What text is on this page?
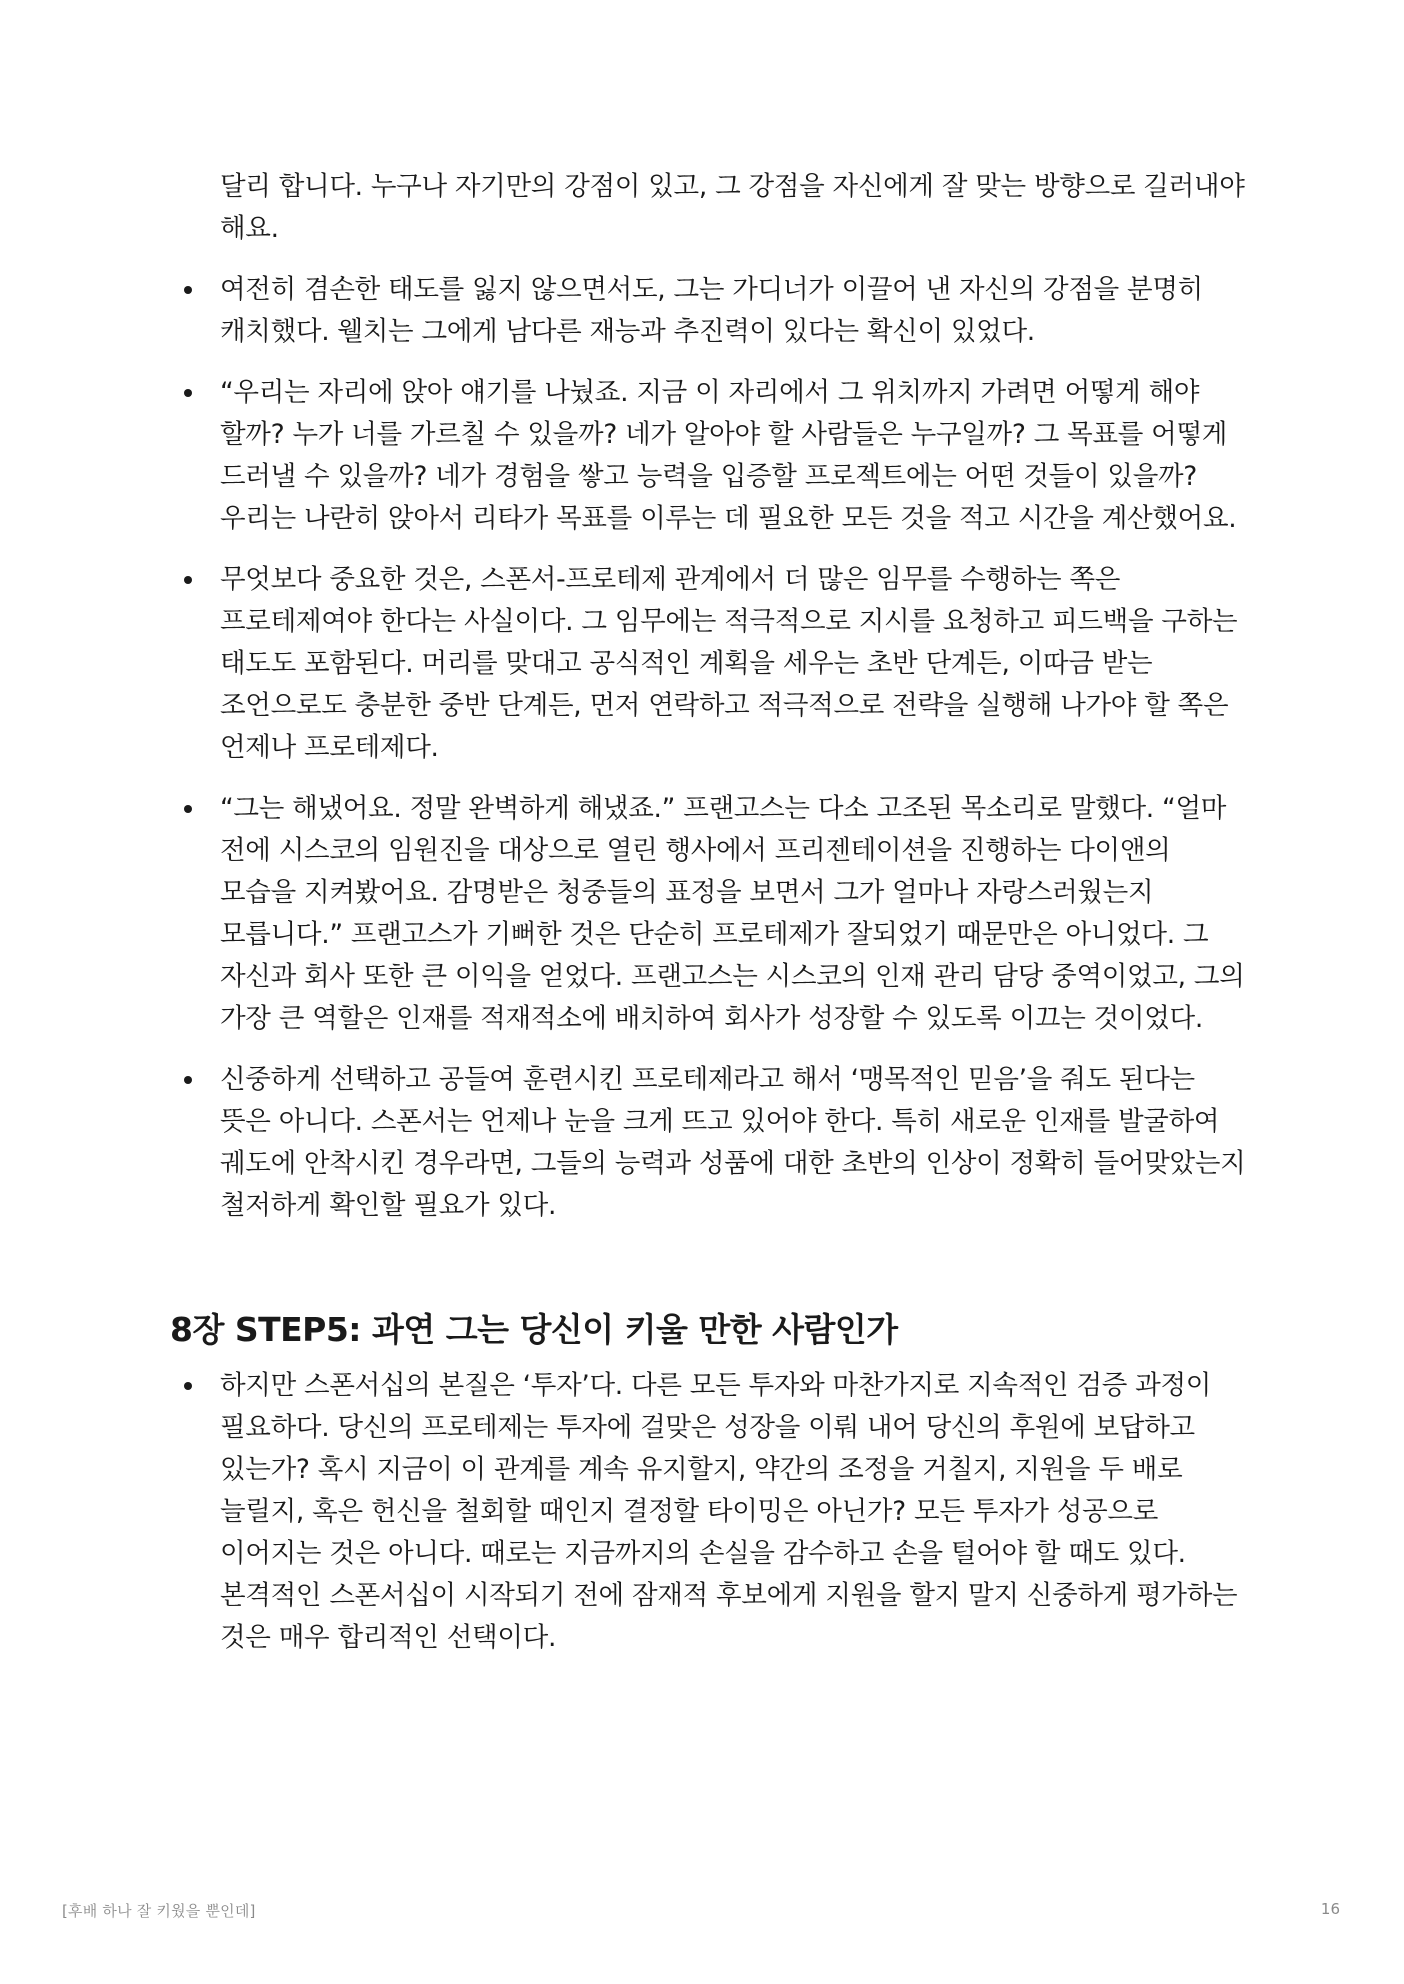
달리 합니다. 누구나 자기만의 강점이 있고, 그 강점을 자신에게 잘 맞는 방향으로 길러내야 해요.

여전히 겸손한 태도를 잃지 않으면서도, 그는 가디너가 이끌어 낸 자신의 강점을 분명히 캐치했다. 웰치는 그에게 남다른 재능과 추진력이 있다는 확신이 있었다.
“우리는 자리에 앉아 얘기를 나눴죠. 지금 이 자리에서 그 위치까지 가려면 어떻게 해야 할까? 누가 너를 가르칠 수 있을까? 네가 알아야 할 사람들은 누구일까? 그 목표를 어떻게 드러낼 수 있을까? 네가 경험을 쌓고 능력을 입증할 프로젝트에는 어떤 것들이 있을까? 우리는 나란히 앉아서 리타가 목표를 이루는 데 필요한 모든 것을 적고 시간을 계산했어요.
무엇보다 중요한 것은, 스폰서-프로테제 관계에서 더 많은 임무를 수행하는 쪽은 프로테제여야 한다는 사실이다. 그 임무에는 적극적으로 지시를 요청하고 피드백을 구하는 태도도 포함된다. 머리를 맞대고 공식적인 계획을 세우는 초반 단계든, 이따금 받는 조언으로도 충분한 중반 단계든, 먼저 연락하고 적극적으로 전략을 실행해 나가야 할 쪽은 언제나 프로테제다.
“그는 해냈어요. 정말 완벽하게 해냈죠.” 프랜고스는 다소 고조된 목소리로 말했다. “얼마 전에 시스코의 임원진을 대상으로 열린 행사에서 프리젠테이션을 진행하는 다이앤의 모습을 지켜봤어요. 감명받은 청중들의 표정을 보면서 그가 얼마나 자랑스러웠는지 모릅니다.” 프랜고스가 기뻐한 것은 단순히 프로테제가 잘되었기 때문만은 아니었다. 그 자신과 회사 또한 큰 이익을 얻었다. 프랜고스는 시스코의 인재 관리 담당 중역이었고, 그의 가장 큰 역할은 인재를 적재적소에 배치하여 회사가 성장할 수 있도록 이끄는 것이었다.
신중하게 선택하고 공들여 훈련시킨 프로테제라고 해서 ‘맹목적인 믿음’을 줘도 된다는 뜻은 아니다. 스폰서는 언제나 눈을 크게 뜨고 있어야 한다. 특히 새로운 인재를 발굴하여 궤도에 안착시킨 경우라면, 그들의 능력과 성품에 대한 초반의 인상이 정확히 들어맞았는지 철저하게 확인할 필요가 있다.
8장 STEP5: 과연 그는 당신이 키울 만한 사람인가
하지만 스폰서십의 본질은 ‘투자’다. 다른 모든 투자와 마찬가지로 지속적인 검증 과정이 필요하다. 당신의 프로테제는 투자에 걸맞은 성장을 이뤄 내어 당신의 후원에 보답하고 있는가? 혹시 지금이 이 관계를 계속 유지할지, 약간의 조정을 거칠지, 지원을 두 배로 늘릴지, 혹은 헌신을 철회할 때인지 결정할 타이밍은 아닌가? 모든 투자가 성공으로 이어지는 것은 아니다. 때로는 지금까지의 손실을 감수하고 손을 털어야 할 때도 있다. 본격적인 스폰서십이 시작되기 전에 잠재적 후보에게 지원을 할지 말지 신중하게 평가하는 것은 매우 합리적인 선택이다.
[후배 하나 잘 키웠을 뿐인데]	16
